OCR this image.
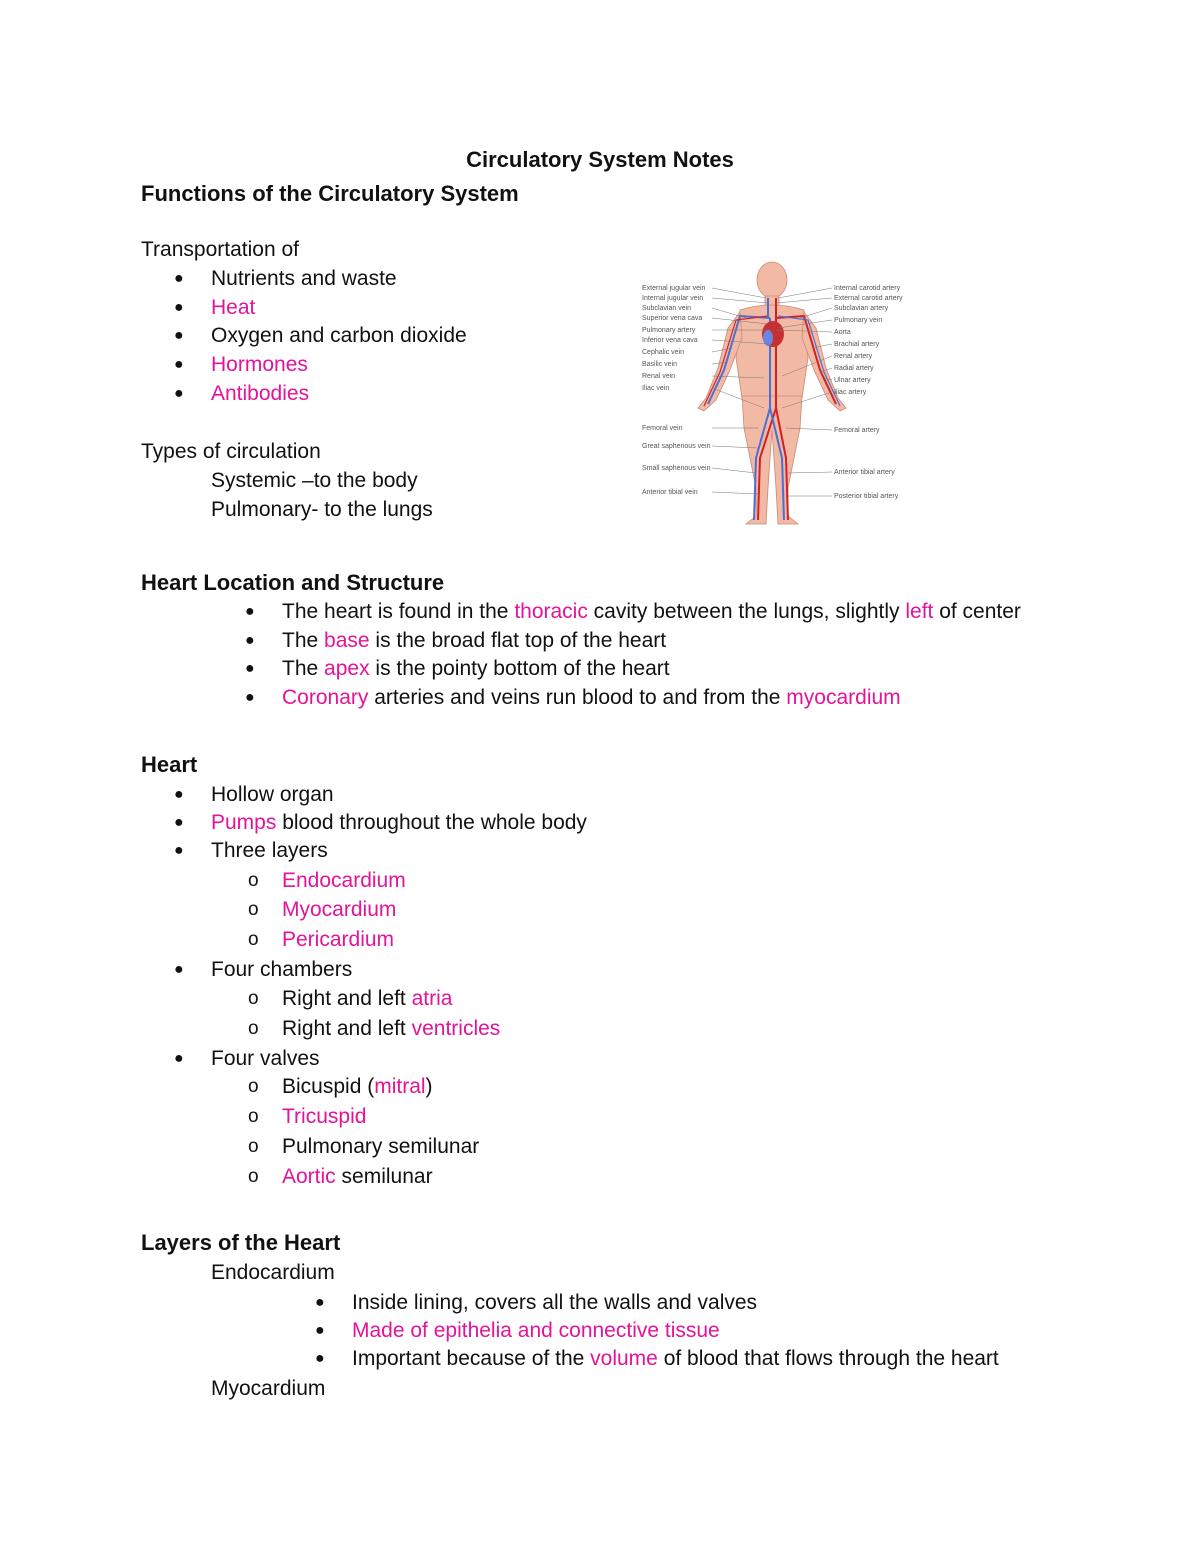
Circulatory System Notes
Functions of the Circulatory System
Transportation of
● Nutrients and waste
● Heat
● Oxygen and carbon dioxide
● Hormones
● Antibodies
Types of circulation
Systemic –to the body
Pulmonary- to the lungs
External jugular vein
Internal jugular vein
Subclavian vein
Superior vena cava
Pulmonary artery
Inferior vena cava
Cephalic vein
Basilic vein
Renal vein
Iliac vein
Femoral vein
Great saphenous vein
Small saphenous vein
Anterior tibial vein
Internal carotid artery
External carotid artery
Subclavian artery
Pulmonary vein
Aorta
Brachial artery
Renal artery
Radial artery
Ulnar artery
Iliac artery
Femoral artery
Anterior tibial artery
Posterior tibial artery
Heart Location and Structure
● The heart is found in the thoracic cavity between the lungs, slightly left of center
● The base is the broad flat top of the heart
● The apex is the pointy bottom of the heart
● Coronary arteries and veins run blood to and from the myocardium
Heart
● Hollow organ
● Pumps blood throughout the whole body
● Three layers
o Endocardium
o Myocardium
o Pericardium
● Four chambers
o Right and left atria
o Right and left ventricles
● Four valves
o Bicuspid (mitral)
o Tricuspid
o Pulmonary semilunar
o Aortic semilunar
Layers of the Heart
Endocardium
● Inside lining, covers all the walls and valves
● Made of epithelia and connective tissue
● Important because of the volume of blood that flows through the heart
Myocardium
